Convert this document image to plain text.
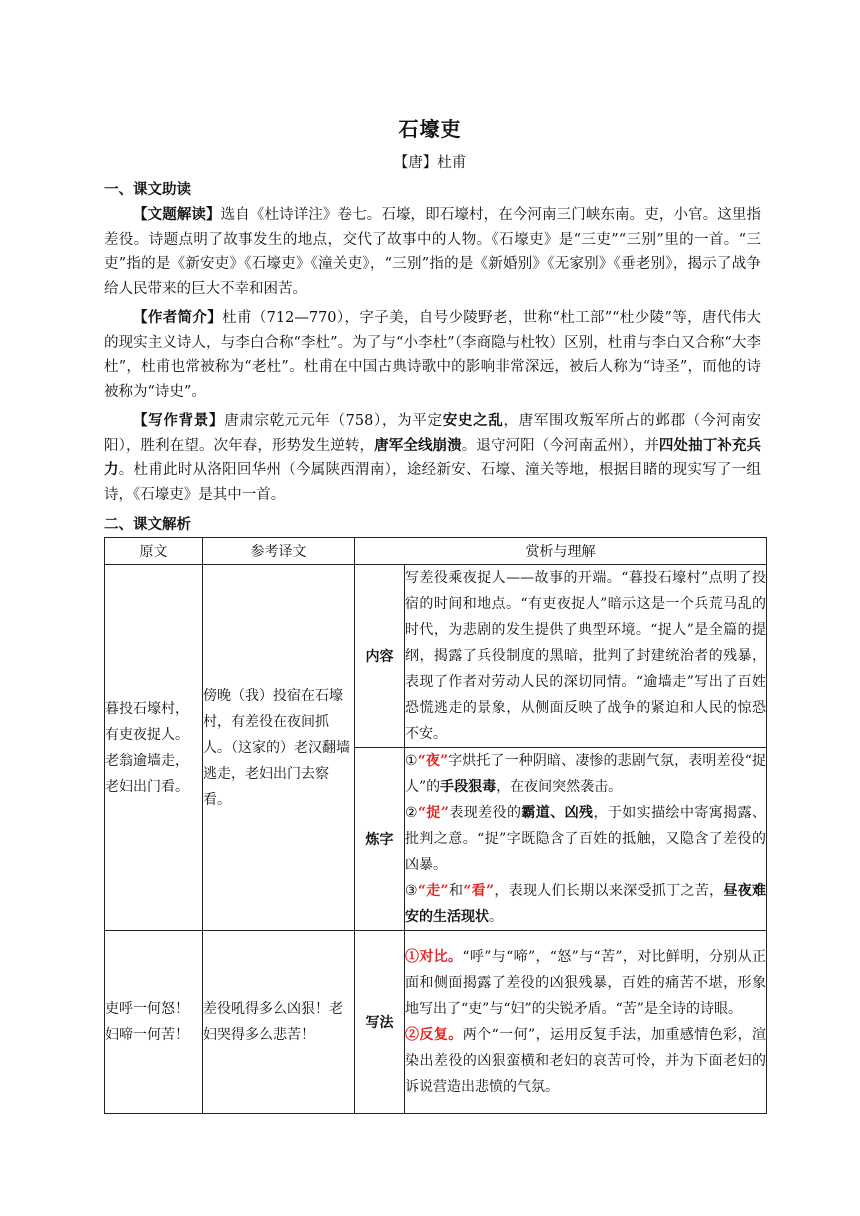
石壕吏
【唐】杜甫
一、课文助读

【文题解读】选自《杜诗详注》卷七。石壕，即石壕村，在今河南三门峡东南。吏，小官。这里指差役。诗题点明了故事发生的地点，交代了故事中的人物。《石壕吏》是“三吏”“三别”里的一首。“三吏”指的是《新安吏》《石壕吏》《潼关吏》，“三别”指的是《新婚别》《无家别》《垂老别》，揭示了战争给人民带来的巨大不幸和困苦。

【作者简介】杜甫（712—770），字子美，自号少陵野老，世称“杜工部”“杜少陵”等，唐代伟大的现实主义诗人，与李白合称“李杜”。为了与“小李杜”（李商隐与杜牧）区别，杜甫与李白又合称“大李杜”，杜甫也常被称为“老杜”。杜甫在中国古典诗歌中的影响非常深远，被后人称为“诗圣”，而他的诗被称为“诗史”。

【写作背景】唐肃宗乾元元年（758），为平定安史之乱，唐军围攻叛军所占的邺郡（今河南安阳），胜利在望。次年春，形势发生逆转，唐军全线崩溃。退守河阳（今河南孟州），并四处抽丁补充兵力。杜甫此时从洛阳回华州（今属陕西渭南），途经新安、石壕、潼关等地，根据目睹的现实写了一组诗，《石壕吏》是其中一首。

二、课文解析
原文	参考译文	赏析与理解	
暮投石壕村，有吏夜捉人。老翁逾墙走，老妇出门看。	傍晚（我）投宿在石壕村，有差役在夜间抓人。（这家的）老汉翻墙逃走，老妇出门去察看。	内容	写差役乘夜捉人——故事的开端。“暮投石壕村”点明了投宿的时间和地点。“有吏夜捉人”暗示这是一个兵荒马乱的时代，为悲剧的发生提供了典型环境。“捉人”是全篇的提纲，揭露了兵役制度的黑暗，批判了封建统治者的残暴，表现了作者对劳动人民的深切同情。“逾墙走”写出了百姓恐慌逃走的景象，从侧面反映了战争的紧迫和人民的惊恐不安。
		炼字	①“夜”字烘托了一种阴暗、凄惨的悲剧气氛，表明差役“捉人”的手段狠毒，在夜间突然袭击。

②“捉”表现差役的霸道、凶残，于如实描绘中寄寓揭露、批判之意。“捉”字既隐含了百姓的抵触，又隐含了差役的凶暴。

③“走”和“看”，表现人们长期以来深受抓丁之苦，昼夜难安的生活现状。

吏呼一何怒！妇啼一何苦！	差役吼得多么凶狠！老妇哭得多么悲苦！	写法	①对比。“呼”与“啼”，“怒”与“苦”，对比鲜明，分别从正面和侧面揭露了差役的凶狠残暴，百姓的痛苦不堪，形象地写出了“吏”与“妇”的尖锐矛盾。“苦”是全诗的诗眼。

②反复。两个“一何”，运用反复手法，加重感情色彩，渲染出差役的凶狠蛮横和老妇的哀苦可怜，并为下面老妇的诉说营造出悲愤的气氛。
